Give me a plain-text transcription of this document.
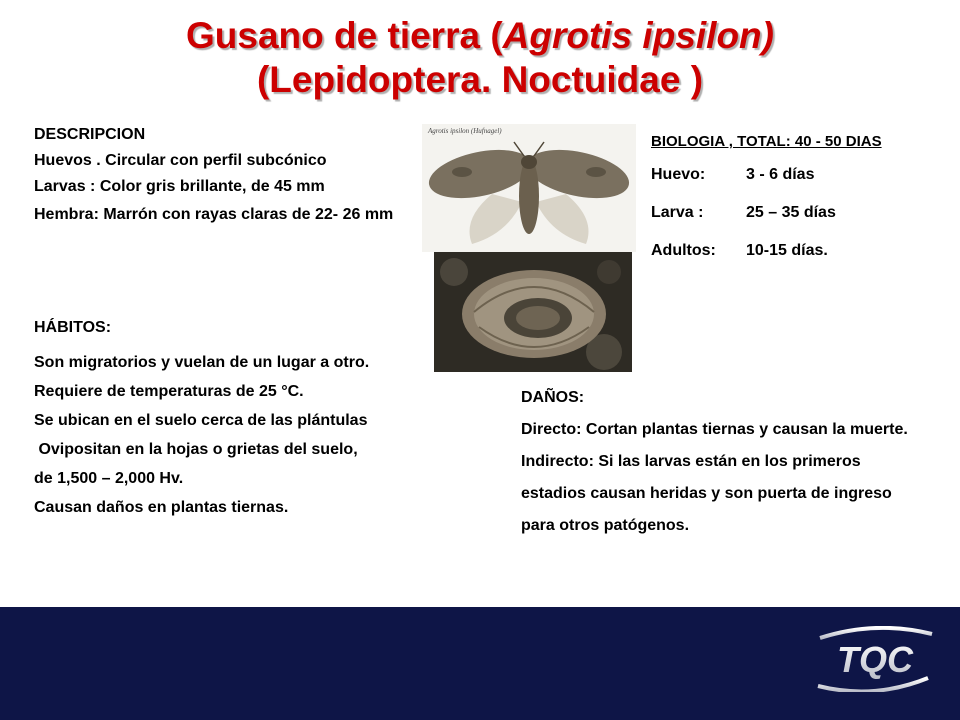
Gusano de tierra (Agrotis ipsilon)
(Lepidoptera. Noctuidae )
DESCRIPCION
Huevos . Circular con perfil subcónico
Larvas : Color gris brillante, de 45 mm
Hembra: Marrón con rayas claras de 22- 26 mm
HÁBITOS:
Son migratorios y vuelan de un lugar a otro.
Requiere de temperaturas de 25 °C.
Se ubican en el suelo cerca de las plántulas
Ovipositan en la hojas o grietas del suelo,
de 1,500 – 2,000 Hv.
Causan daños en plantas tiernas.
Agrotis ipsilon (Hufnagel)
BIOLOGIA , TOTAL: 40 - 50 DIAS
Huevo:	3 - 6 días
Larva :	25 – 35 días
Adultos:	10-15 días.
DAÑOS:
Directo: Cortan plantas tiernas y causan la muerte.
Indirecto: Si las larvas están en los primeros estadios causan heridas y son puerta de ingreso para otros patógenos.
TQC
